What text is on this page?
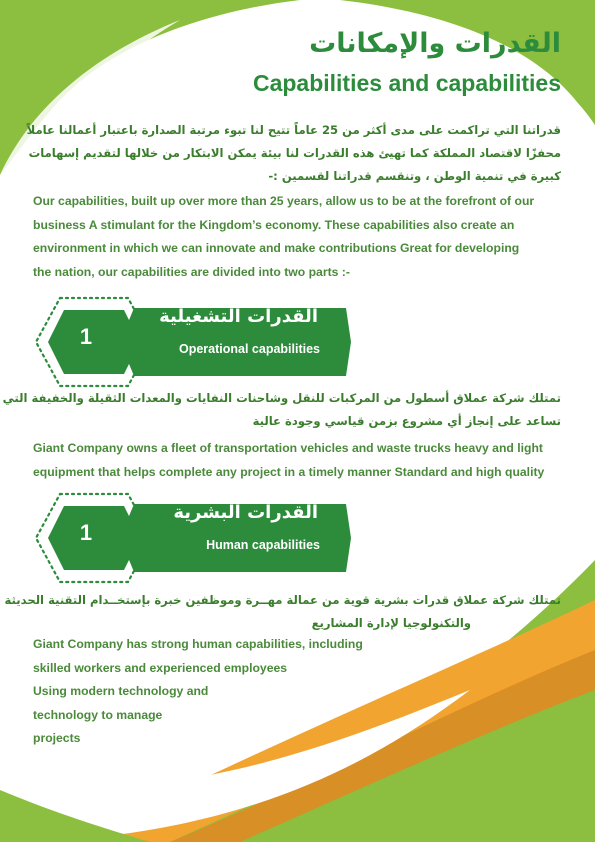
القدرات والإمكانات
Capabilities and capabilities
قدراتنا التي تراكمت على مدى أكثر من 25 عاماً تتيح لنا تبوء مرتبة الصدارة باعتبار أعمالنا عاملاً
محفزًا لاقتصاد المملكة كما تهيئ هذه القدرات لنا بيئة يمكن الابتكار من خلالها لتقديم إسهامات
كبيرة في تنمية الوطن ، وتنقسم قدراتنا لقسمين :-
Our capabilities, built up over more than 25 years, allow us to be at the forefront of our
business A stimulant for the Kingdom’s economy. These capabilities also create an
environment in which we can innovate and make contributions Great for developing
the nation, our capabilities are divided into two parts :-
1
القدرات التشغيلية
Operational capabilities
تمتلك شركة عملاق أسطول من المركبات للنقل وشاحنات النفايات والمعدات الثقيلة والخفيفة التي
تساعد على إنجاز أي مشروع بزمن قياسي وجودة عالية
Giant Company owns a fleet of transportation vehicles and waste trucks heavy and light
equipment that helps complete any project in a timely manner Standard and high quality
1
القدرات البشرية
Human capabilities
تمتلك شركة عملاق قدرات بشرية قوية من عمالة مهــرة وموظفين خبرة بإستخــدام التقنية الحديثة
والتكنولوجيا لإدارة المشاريع
Giant Company has strong human capabilities, including
skilled workers and experienced employees
Using modern technology and
technology to manage
projects
